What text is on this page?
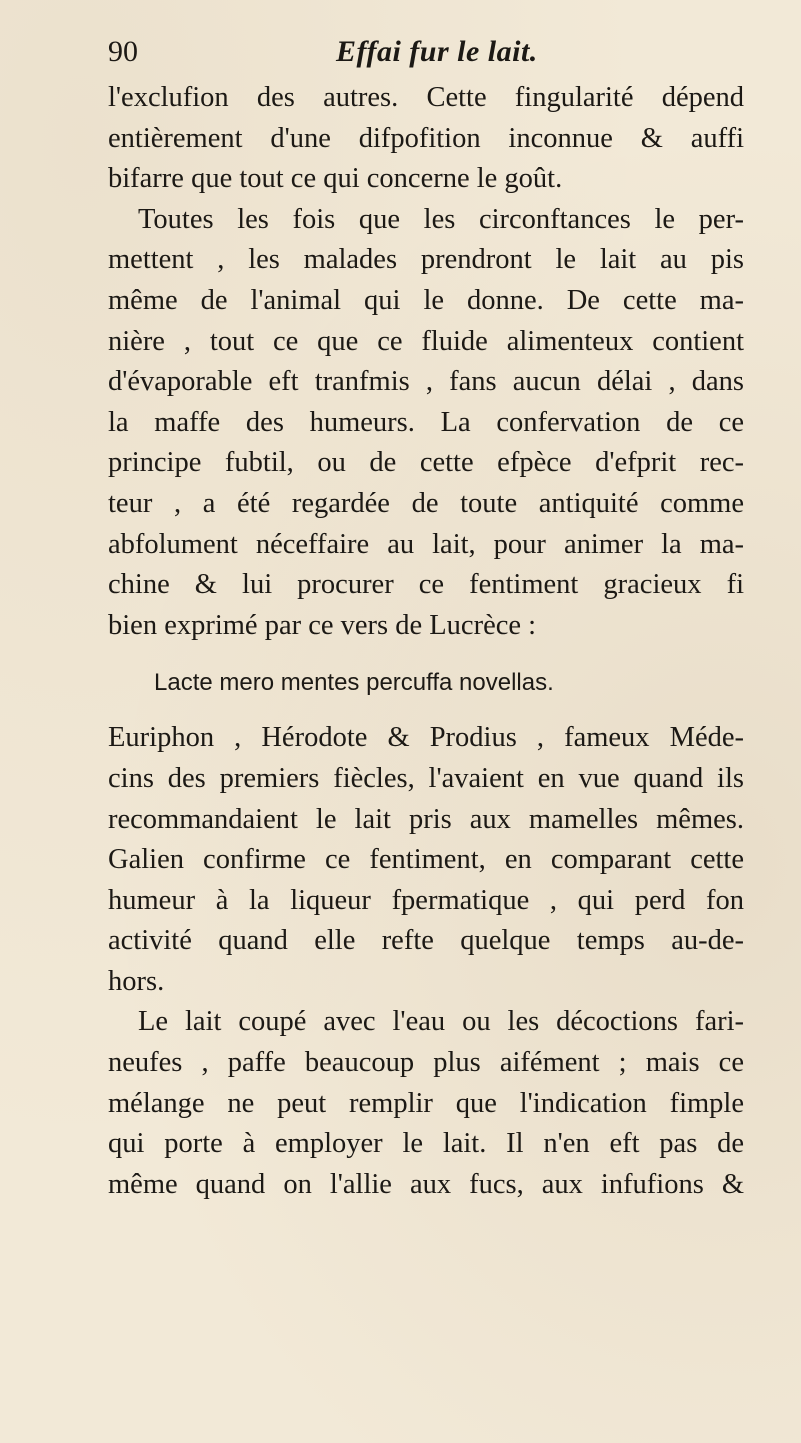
90	Effai fur le lait.
l'exclufion des autres. Cette fingularité dépend
entièrement d'une difpofition inconnue & auffi
bifarre que tout ce qui concerne le goût.
Toutes les fois que les circonftances le per-
mettent , les malades prendront le lait au pis
même de l'animal qui le donne. De cette ma-
nière , tout ce que ce fluide alimenteux contient
d'évaporable eft tranfmis , fans aucun délai , dans
la maffe des humeurs. La confervation de ce
principe fubtil, ou de cette efpèce d'efprit rec-
teur , a été regardée de toute antiquité comme
abfolument néceffaire au lait, pour animer la ma-
chine & lui procurer ce fentiment gracieux fi
bien exprimé par ce vers de Lucrèce :
Lacte mero mentes percuffa novellas.
Euriphon , Hérodote & Prodius , fameux Méde-
cins des premiers fiècles, l'avaient en vue quand ils
recommandaient le lait pris aux mamelles mêmes.
Galien confirme ce fentiment, en comparant cette
humeur à la liqueur fpermatique , qui perd fon
activité quand elle refte quelque temps au-de-
hors.
Le lait coupé avec l'eau ou les décoctions fari-
neufes , paffe beaucoup plus aifément ; mais ce
mélange ne peut remplir que l'indication fimple
qui porte à employer le lait. Il n'en eft pas de
même quand on l'allie aux fucs, aux infufions &
